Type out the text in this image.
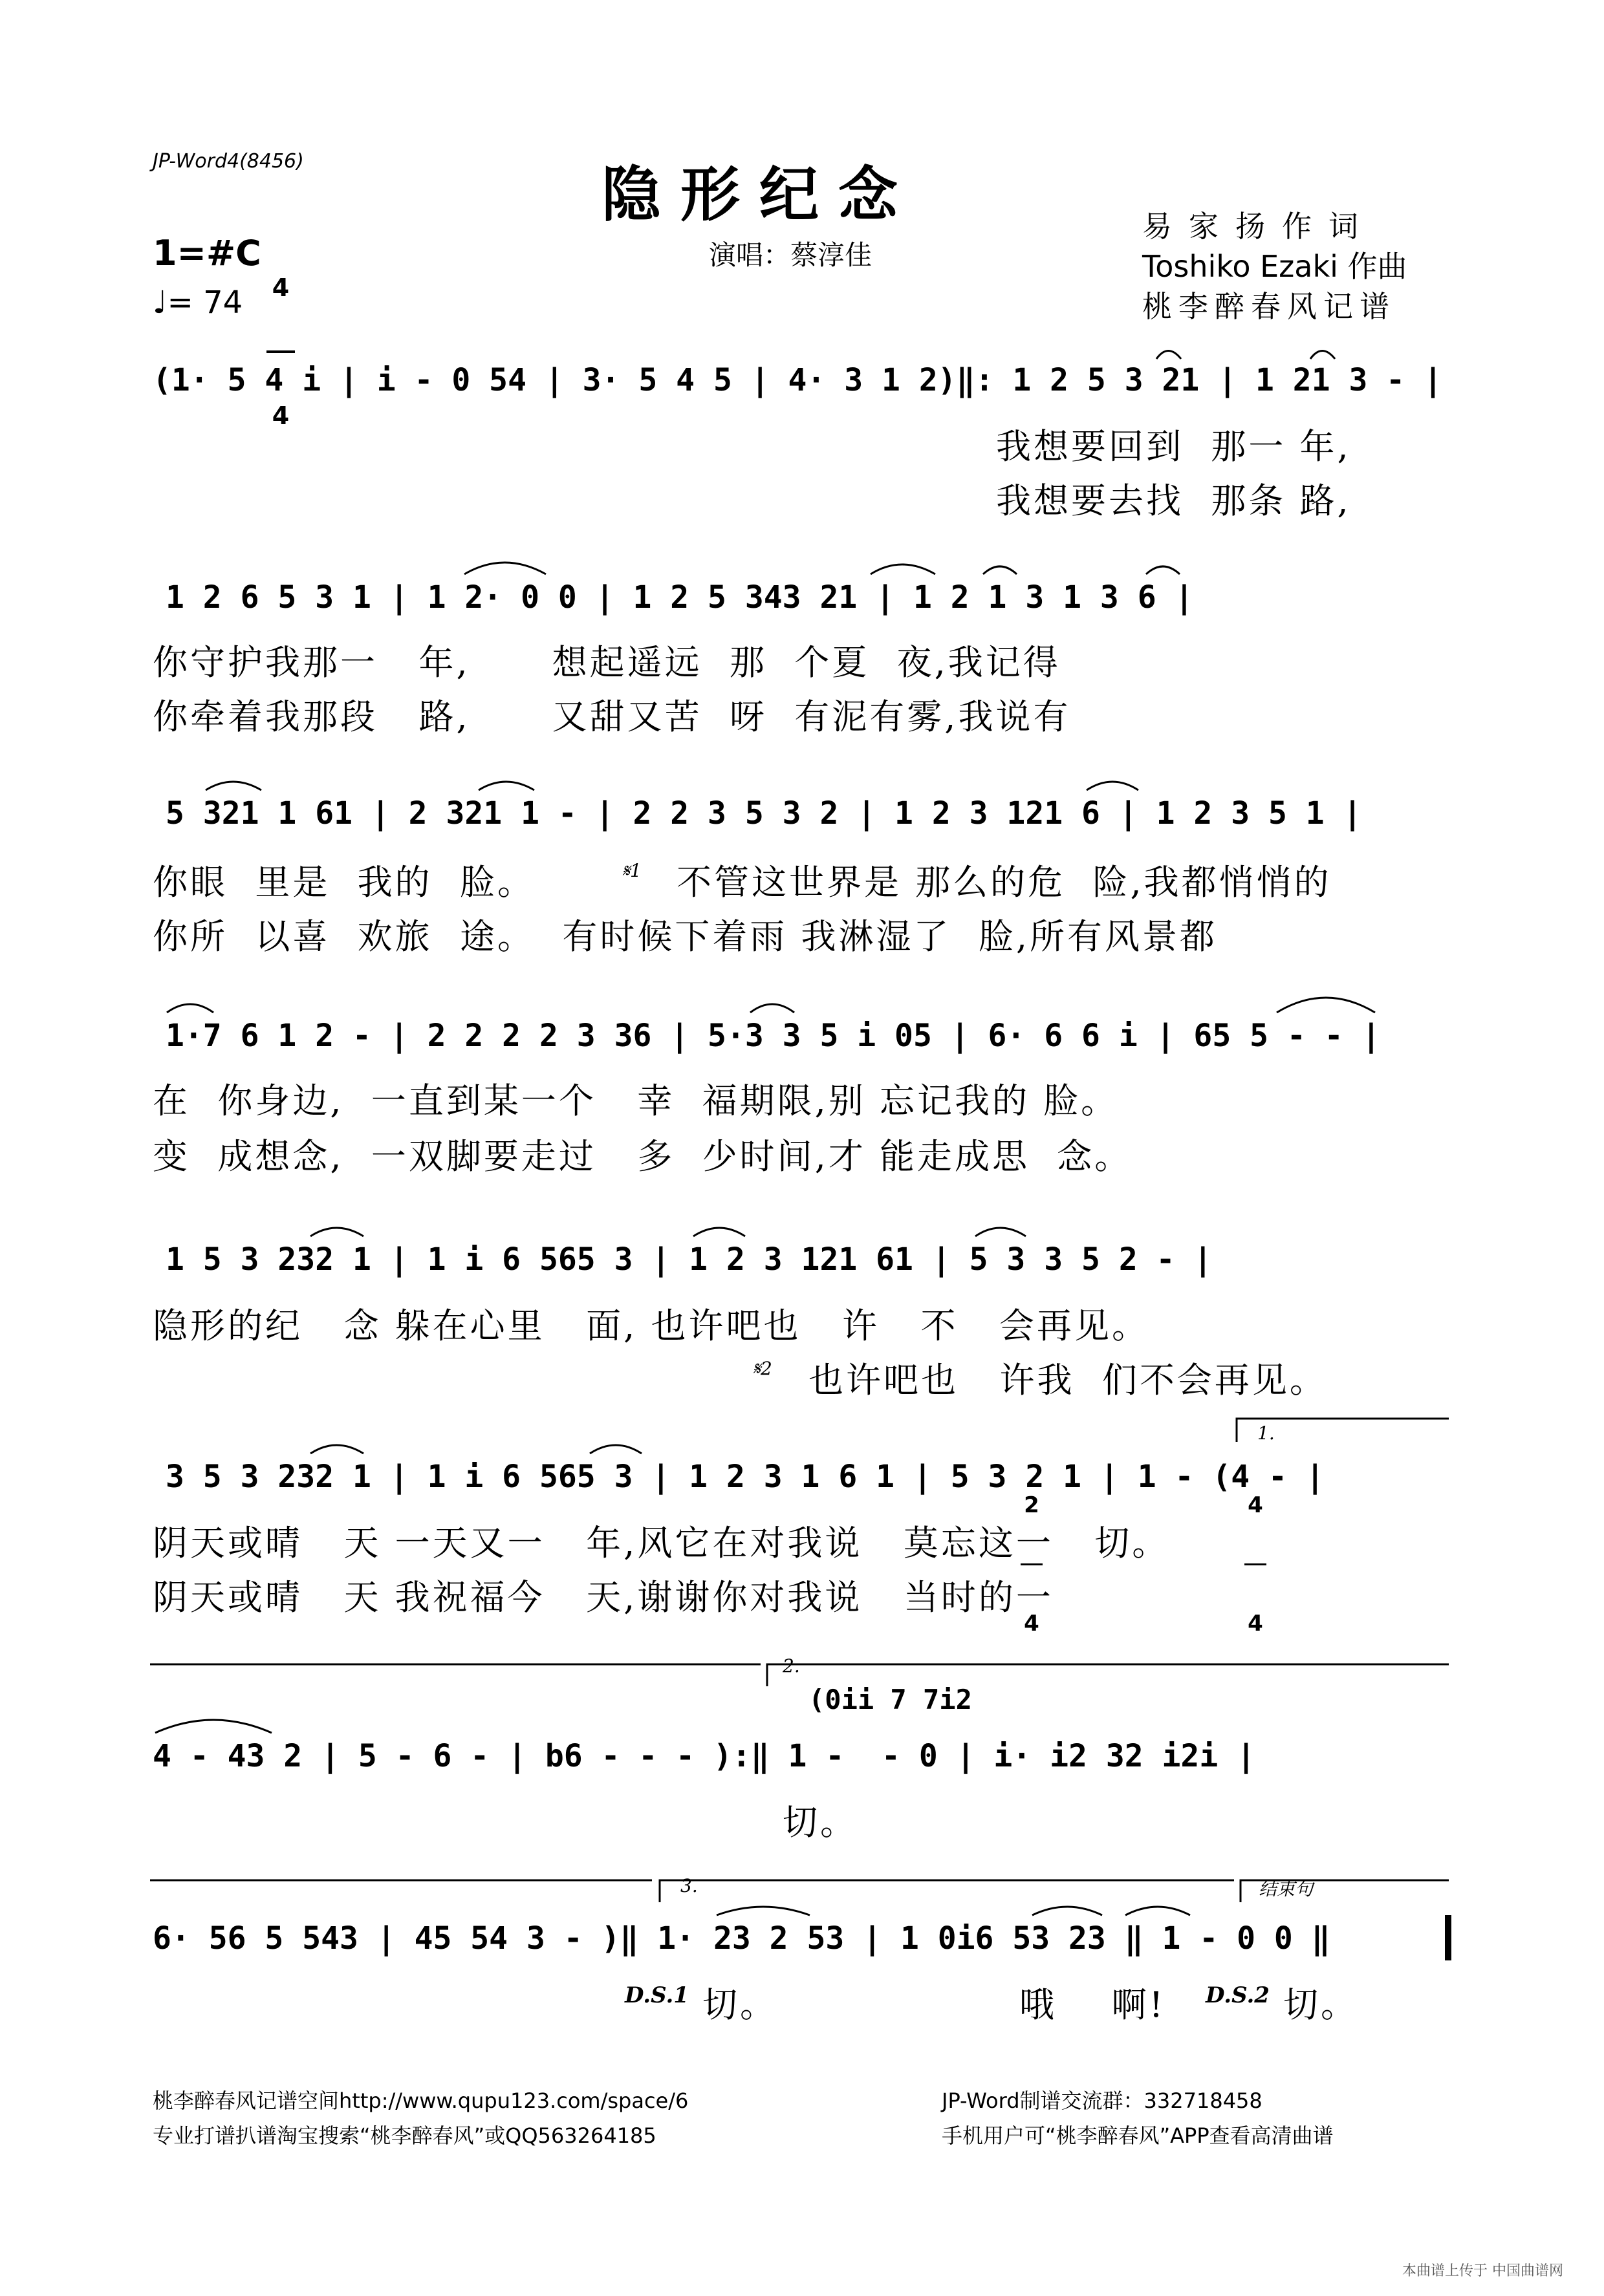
JP-Word4(8456)	隐形纪念
演唱：蔡淳佳
易家扬作词
Toshiko Ezaki 作曲
桃李醉春风记谱
1=#C

4

4

♩= 74
(1· 5 4 i | i - 0 54 | 3· 5 4 5 | 4· 3 1 2)‖: 1 2 5 3 21 | 1 21 3 - |
我想要回到  那一 年,
我想要去找  那条 路,
1 2 6 5 3 1 | 1 2· 0 0 | 1 2 5 343 21 | 1 2 1 3 1 3 6 |
你守护我那一   年,      想起遥远  那  个夏  夜,我记得
你牵着我那段   路,      又甜又苦  呀  有泥有雾,我说有
5 321 1 61 | 2 321 1 - | 2 2 3 5 3 2 | 1 2 3 121 6 | 1 2 3 5 1 |
你眼  里是  我的  脸。	𝄋1 不管这世界是 那么的危  险,我都悄悄的
你所  以喜  欢旅  途。  有时候下着雨 我淋湿了  脸,所有风景都
1·7 6 1 2 - | 2 2 2 2 3 36 | 5·3 3 5 i 05 | 6· 6 6 i | 65 5 - - |
在  你身边,  一直到某一个   幸  福期限,别 忘记我的 脸。
变  成想念,  一双脚要走过   多  少时间,才 能走成思  念。
1 5 3 232 1 | 1 i 6 565 3 | 1 2 3 121 61 | 5 3 3 5 2 - |
隐形的纪   念 躲在心里   面, 也许吧也   许   不   会再见。
𝄋2 也许吧也   许我  们不会再见。
1.
3 5 3 232 1 | 1 i 6 565 3 | 1 2 3 1 6 1 | 5 3 2 1 | 1 - (4 - |
阴天或晴   天 一天又一   年,风它在对我说   莫忘这一   切。
阴天或晴   天 我祝福今   天,谢谢你对我说   当时的一

2

4

4

4

2.
(0ii 7 7i2
4 - 43 2 | 5 - 6 - | b6 - - - ):‖ 1 -  - 0 | i· i2 32 i2i |
切。
3.	结束句
6· 56 5 543 | 45 54 3 - )‖ 1· 23 2 53 | 1 0i6 53 23 ‖ 1 - 0 0 ‖
D.S.1 切。	哦    啊! D.S.2 切。
桃李醉春风记谱空间http://www.qupu123.com/space/6
专业打谱扒谱淘宝搜索“桃李醉春风”或QQ563264185
JP-Word制谱交流群：332718458
手机用户可“桃李醉春风”APP查看高清曲谱

本曲谱上传于 中国曲谱网
